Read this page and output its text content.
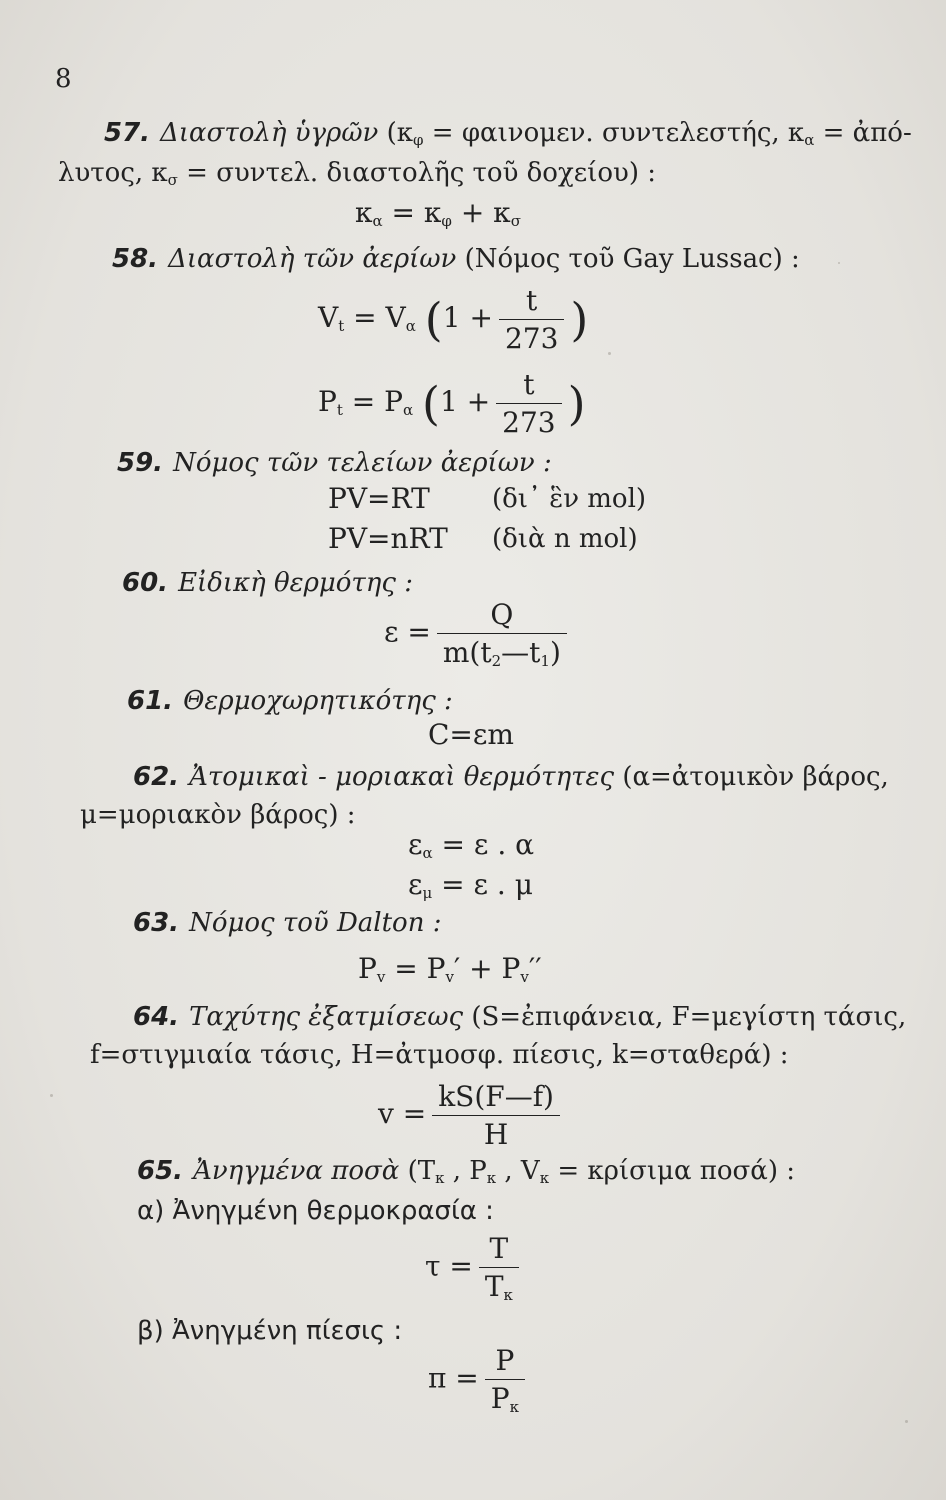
8
57. Διαστολὴ ὑγρῶν ($\kappa_\varphi = \varphi\alpha\iota\nu o\mu\varepsilon\nu$. συντελεστής, $\kappa_\alpha$ = ἀπό-
λυτος, $\kappa_\sigma = \sigma\upsilon\nu\tau\varepsilon\lambda$. διαστολῆς τοῦ δοχείου) :
$\kappa_\alpha = \kappa_\varphi + \kappa_\sigma$
58. Διαστολὴ τῶν ἀερίων (Νόμος τοῦ Gay Lussac) :
$V_t = V_\alpha$ ($1 + \frac{t}{273}$ )
$P_t = P_\alpha$ ($1 + \frac{t}{273}$ )
59. Νόμος τῶν τελείων ἀερίων :
PV=RT (δι᾿ ἓν mol)
PV=nRT (διὰ n mol)
60. Εἰδικὴ θερμότης :
$\varepsilon = \frac{Q}{m(t_2—t_1)}$
61. Θερμοχωρητικότης :
C=εm
62. Ἀτομικαὶ - μοριακαὶ θερμότητες (α=ἀτομικὸν βάρος,
μ=μοριακὸν βάρος) :
$\varepsilon_\alpha = \varepsilon$ . α
$\varepsilon_\mu = \varepsilon$ . μ
63. Νόμος τοῦ Dalton :
$P_v = P_v' + P_v''$
64. Ταχύτης ἐξατμίσεως (S=ἐπιφάνεια, F=μεγίστη τάσις,
f=στιγμιαία τάσις, H=ἀτμοσφ. πίεσις, k=σταθερά) :
$v = \frac{kS(F—f)}{H}$
65. Ἀνηγμένα ποσὰ ($T_\kappa$ , $P_\kappa$ , $V_\kappa = \kappa\rho ί\sigma\iota\mu\alpha$ ποσά) :
α) Ἀνηγμένη θερμοκρασία :
$\tau = \frac{T}{T_\kappa}$
β) Ἀνηγμένη πίεσις :
$\pi = \frac{P}{P_\kappa}$
